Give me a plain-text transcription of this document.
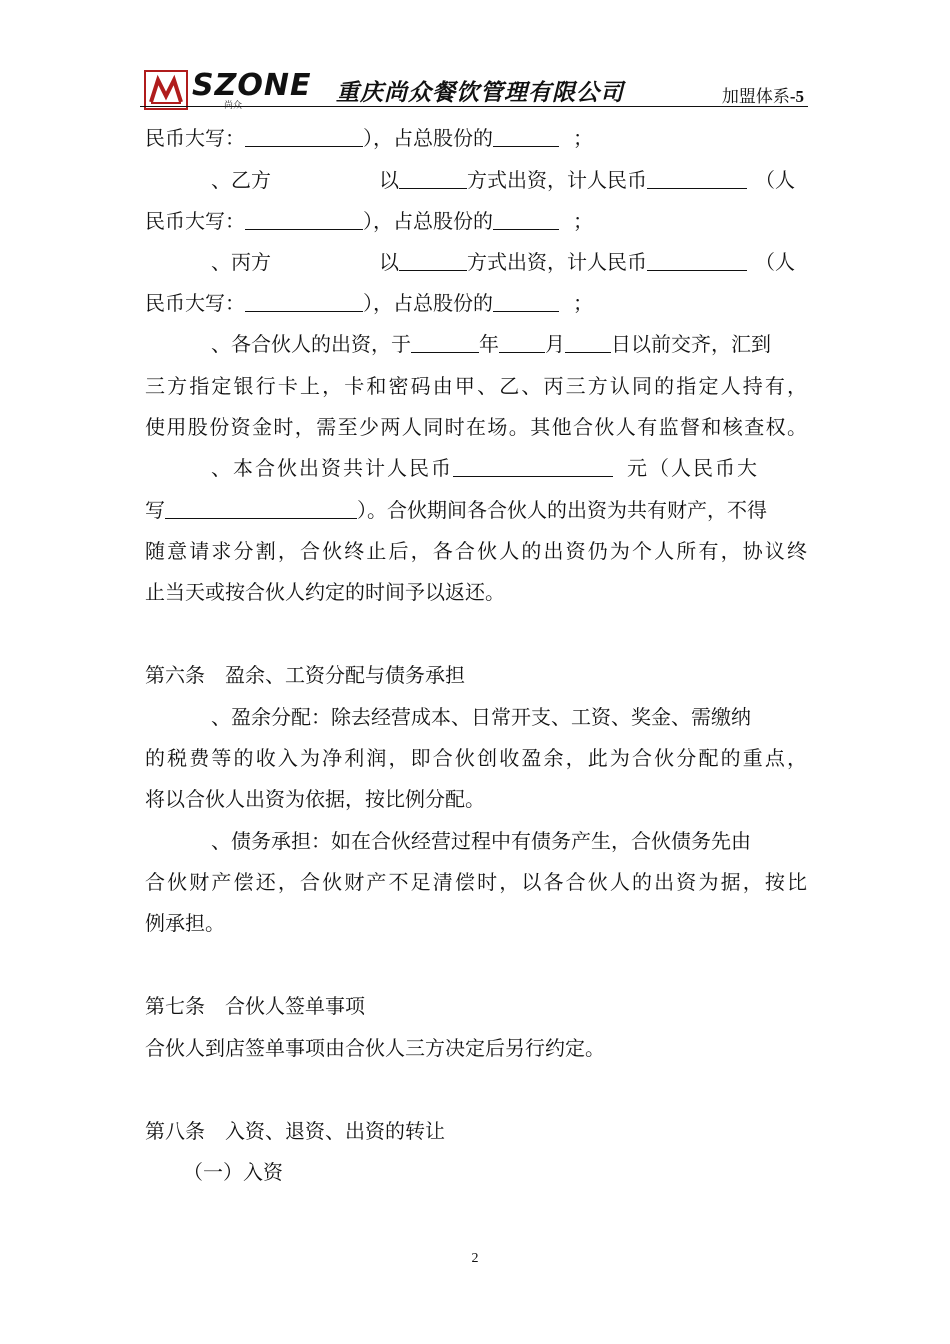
SZONE
尚众	重庆尚众餐饮管理有限公司	加盟体系-5
民币大写：	），占总股份的	；
、乙方	以	方式出资，计人民币	（人
民币大写：	），占总股份的	；
、丙方	以	方式出资，计人民币	（人
民币大写：	），占总股份的	；
、各合伙人的出资，于	年 月 日以前交齐，汇到
三方指定银行卡上，卡和密码由甲、乙、丙三方认同的指定人持有，
使用股份资金时，需至少两人同时在场。其他合伙人有监督和核查权。
、本合伙出资共计人民币	元（人民币大
写	）。合伙期间各合伙人的出资为共有财产，不得
随意请求分割，合伙终止后，各合伙人的出资仍为个人所有，协议终
止当天或按合伙人约定的时间予以返还。
第六条　盈余、工资分配与债务承担
、盈余分配：除去经营成本、日常开支、工资、奖金、需缴纳
的税费等的收入为净利润，即合伙创收盈余，此为合伙分配的重点，
将以合伙人出资为依据，按比例分配。
、债务承担：如在合伙经营过程中有债务产生，合伙债务先由
合伙财产偿还，合伙财产不足清偿时，以各合伙人的出资为据，按比
例承担。
第七条　合伙人签单事项
合伙人到店签单事项由合伙人三方决定后另行约定。
第八条　入资、退资、出资的转让
（一）入资
2
